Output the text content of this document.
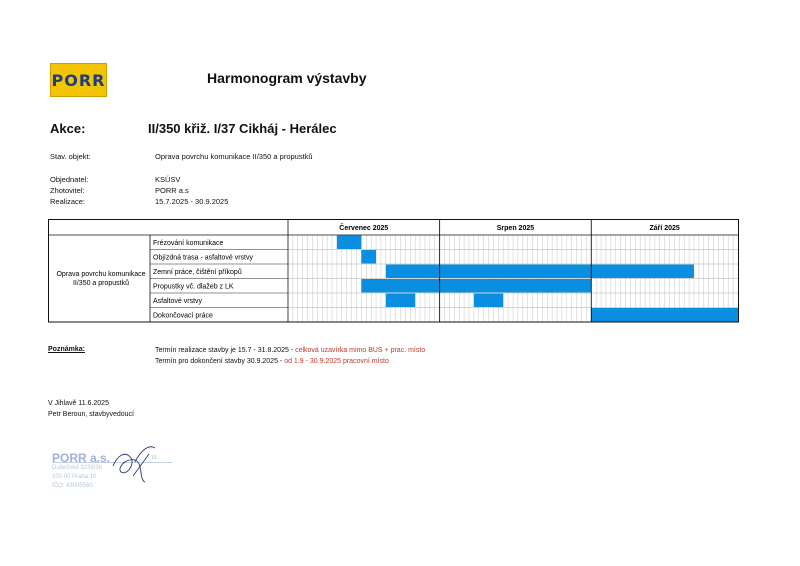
PORR	Harmonogram výstavby
Akce:	II/350 křiž. I/37 Cikháj - Herálec
Stav. objekt:	Oprava povrchu komunikace II/350 a propustků
Objednatel:	KSÚSV
Zhotovitel:	PORR a.s
Realizace:	15.7.2025 - 30.9.2025
Červenec 2025	Srpen 2025	Září 2025
Frézování komunikace
Objízdná trasa - asfaltové vrstvy
Zemní práce, čištění příkopů
Propustky vč. dlažeb z LK
Asfaltové vrstvy
Dokončovací práce
Oprava povrchu komunikace II/350 a propustků
Poznámka:	Termín realizace stavby je 15.7 - 31.8.2025 - celková uzavírka mimo BUS + prac. místo
Termín pro dokončení stavby 30.9.2025 - od 1.9 - 30.9.2025 pracovní místo
V Jihlavě 11.6.2025
Petr Beroun, stavbyvedoucí
PORR a.s.
Dubečská 3238/36
100 00 Praha 10
IČO: 43005560
- 16 -
